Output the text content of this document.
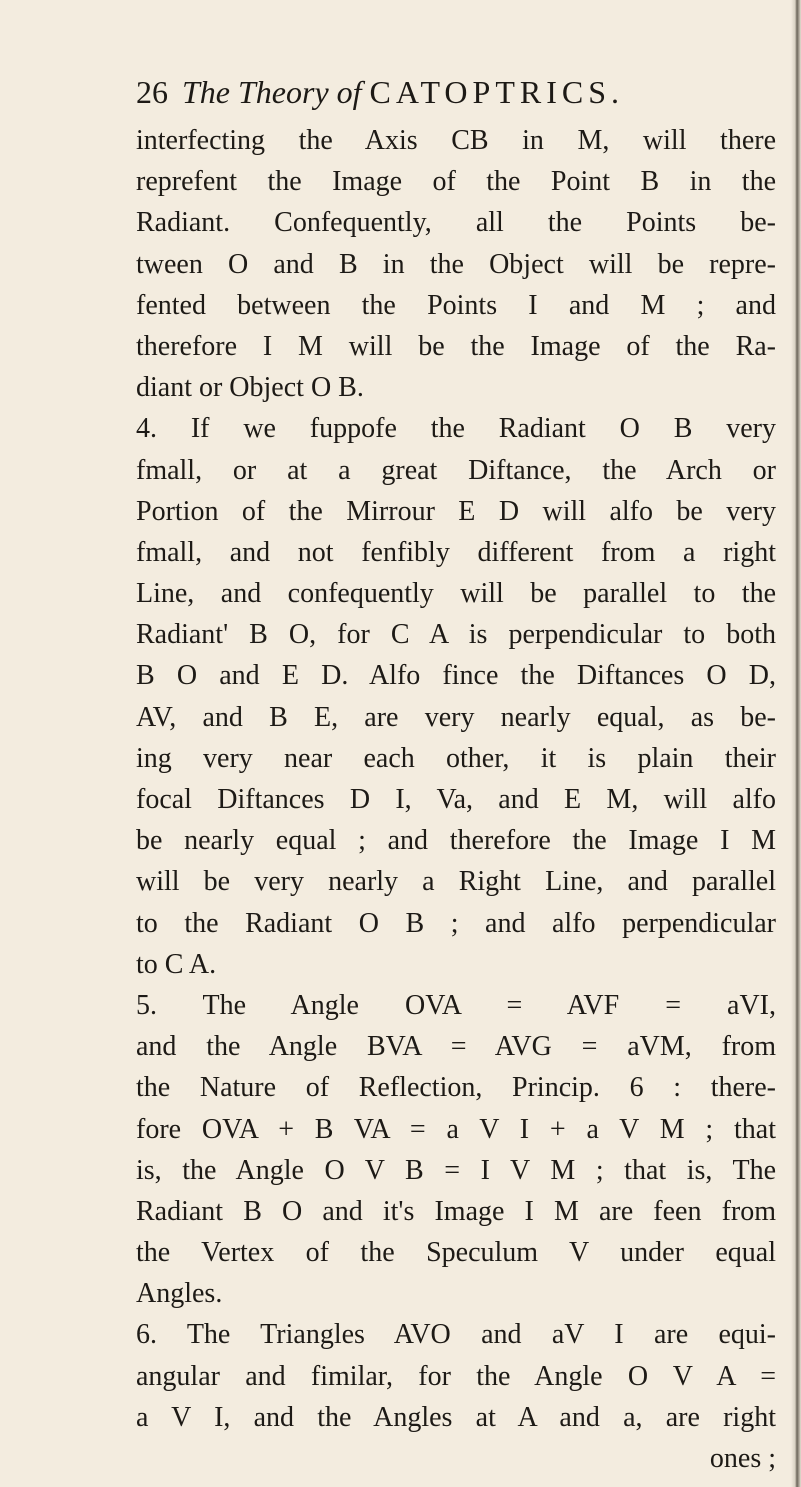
26 The Theory of CATOPTRICS.
interfecting the Axis CB in M, will there
reprefent the Image of the Point B in the
Radiant. Confequently, all the Points be-
tween O and B in the Object will be repre-
fented between the Points I and M ; and
therefore I M will be the Image of the Ra-
diant or Object O B.
4. If we fuppofe the Radiant O B very
fmall, or at a great Diftance, the Arch or
Portion of the Mirrour E D will alfo be very
fmall, and not fenfibly different from a right
Line, and confequently will be parallel to the
Radiant' B O, for C A is perpendicular to both
B O and E D. Alfo fince the Diftances O D,
AV, and B E, are very nearly equal, as be-
ing very near each other, it is plain their
focal Diftances D I, Va, and E M, will alfo
be nearly equal ; and therefore the Image I M
will be very nearly a Right Line, and parallel
to the Radiant O B ; and alfo perpendicular
to C A.
5. The Angle OVA = AVF = aVI,
and the Angle BVA = AVG = aVM, from
the Nature of Reflection, Princip. 6 : there-
fore OVA + B VA = a V I + a V M ; that
is, the Angle O V B = I V M ; that is, The
Radiant B O and it's Image I M are feen from
the Vertex of the Speculum V under equal
Angles.
6. The Triangles AVO and aV I are equi-
angular and fimilar, for the Angle O V A =
a V I, and the Angles at A and a, are right
ones ;
